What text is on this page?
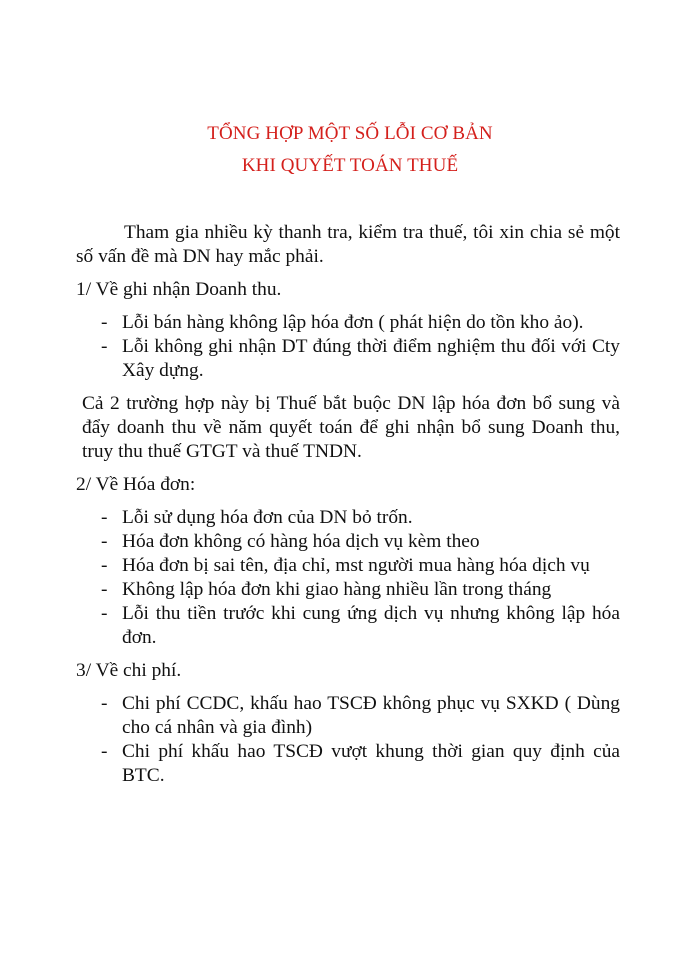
TỔNG HỢP MỘT SỐ LỖI CƠ BẢN
KHI QUYẾT TOÁN THUẾ

Tham gia nhiều kỳ thanh tra, kiểm tra thuế, tôi xin chia sẻ một số vấn đề mà DN hay mắc phải.

1/ Về ghi nhận Doanh thu.

- Lỗi bán hàng không lập hóa đơn ( phát hiện do tồn kho ảo).
- Lỗi không ghi nhận DT đúng thời điểm nghiệm thu đối với Cty Xây dựng.

Cả 2 trường hợp này bị Thuế bắt buộc DN lập hóa đơn bổ sung và đẩy doanh thu về năm quyết toán để ghi nhận bổ sung Doanh thu, truy thu thuế GTGT và thuế TNDN.

2/ Về Hóa đơn:

- Lỗi sử dụng hóa đơn của DN bỏ trốn.
- Hóa đơn không có hàng hóa dịch vụ kèm theo
- Hóa đơn bị sai tên, địa chỉ, mst người mua hàng hóa dịch vụ
- Không lập hóa đơn khi giao hàng nhiều lần trong tháng
- Lỗi thu tiền trước khi cung ứng dịch vụ nhưng không lập hóa đơn.

3/ Về chi phí.

- Chi phí CCDC, khấu hao TSCĐ không phục vụ SXKD ( Dùng cho cá nhân và gia đình)
- Chi phí khấu hao TSCĐ vượt khung thời gian quy định của BTC.
